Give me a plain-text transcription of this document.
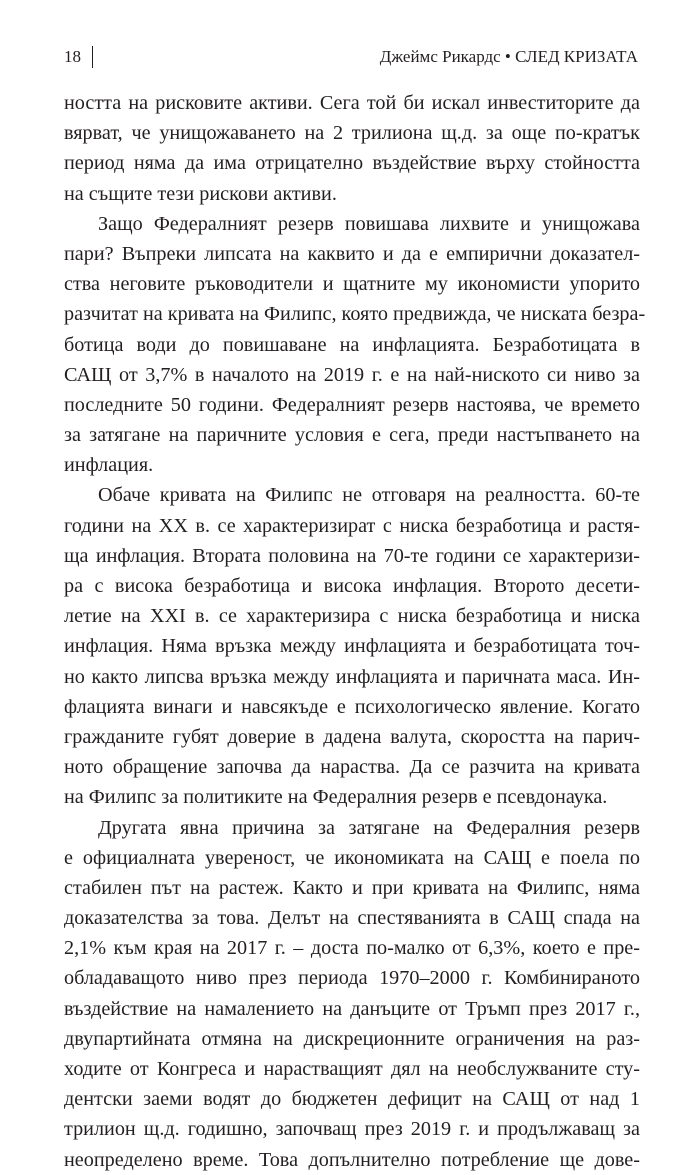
18	Джеймс Рикардс • СЛЕД КРИЗАТА
ността на рисковите активи. Сега той би искал инвеститорите да
вярват, че унищожаването на 2 трилиона щ.д. за още по-кратък
период няма да има отрицателно въздействие върху стойността
на същите тези рискови активи.
Защо Федералният резерв повишава лихвите и унищожава
пари? Въпреки липсата на каквито и да е емпирични доказател-
ства неговите ръководители и щатните му икономисти упорито
разчитат на кривата на Филипс, която предвижда, че ниската безра-
ботица води до повишаване на инфлацията. Безработицата в
САЩ от 3,7% в началото на 2019 г. е на най-ниското си ниво за
последните 50 години. Федералният резерв настоява, че времето
за затягане на паричните условия е сега, преди настъпването на
инфлация.
Обаче кривата на Филипс не отговаря на реалността. 60-те
години на XX в. се характеризират с ниска безработица и растя-
ща инфлация. Втората половина на 70-те години се характеризи-
ра с висока безработица и висока инфлация. Второто десети-
летие на XXI в. се характеризира с ниска безработица и ниска
инфлация. Няма връзка между инфлацията и безработицата точ-
но както липсва връзка между инфлацията и паричната маса. Ин-
флацията винаги и навсякъде е психологическо явление. Когато
гражданите губят доверие в дадена валута, скоростта на парич-
ното обращение започва да нараства. Да се разчита на кривата
на Филипс за политиките на Федералния резерв е псевдонаука.
Другата явна причина за затягане на Федералния резерв
е официалната увереност, че икономиката на САЩ е поела по
стабилен път на растеж. Както и при кривата на Филипс, няма
доказателства за това. Делът на спестяванията в САЩ спада на
2,1% към края на 2017 г. – доста по-малко от 6,3%, което е пре-
обладаващото ниво през периода 1970–2000 г. Комбинираното
въздействие на намалението на данъците от Тръмп през 2017 г.,
двупартийната отмяна на дискреционните ограничения на раз-
ходите от Конгреса и нарастващият дял на необслужваните сту-
дентски заеми водят до бюджетен дефицит на САЩ от над 1
трилион щ.д. годишно, започващ през 2019 г. и продължаващ за
неопределено време. Това допълнително потребление ще дове-
